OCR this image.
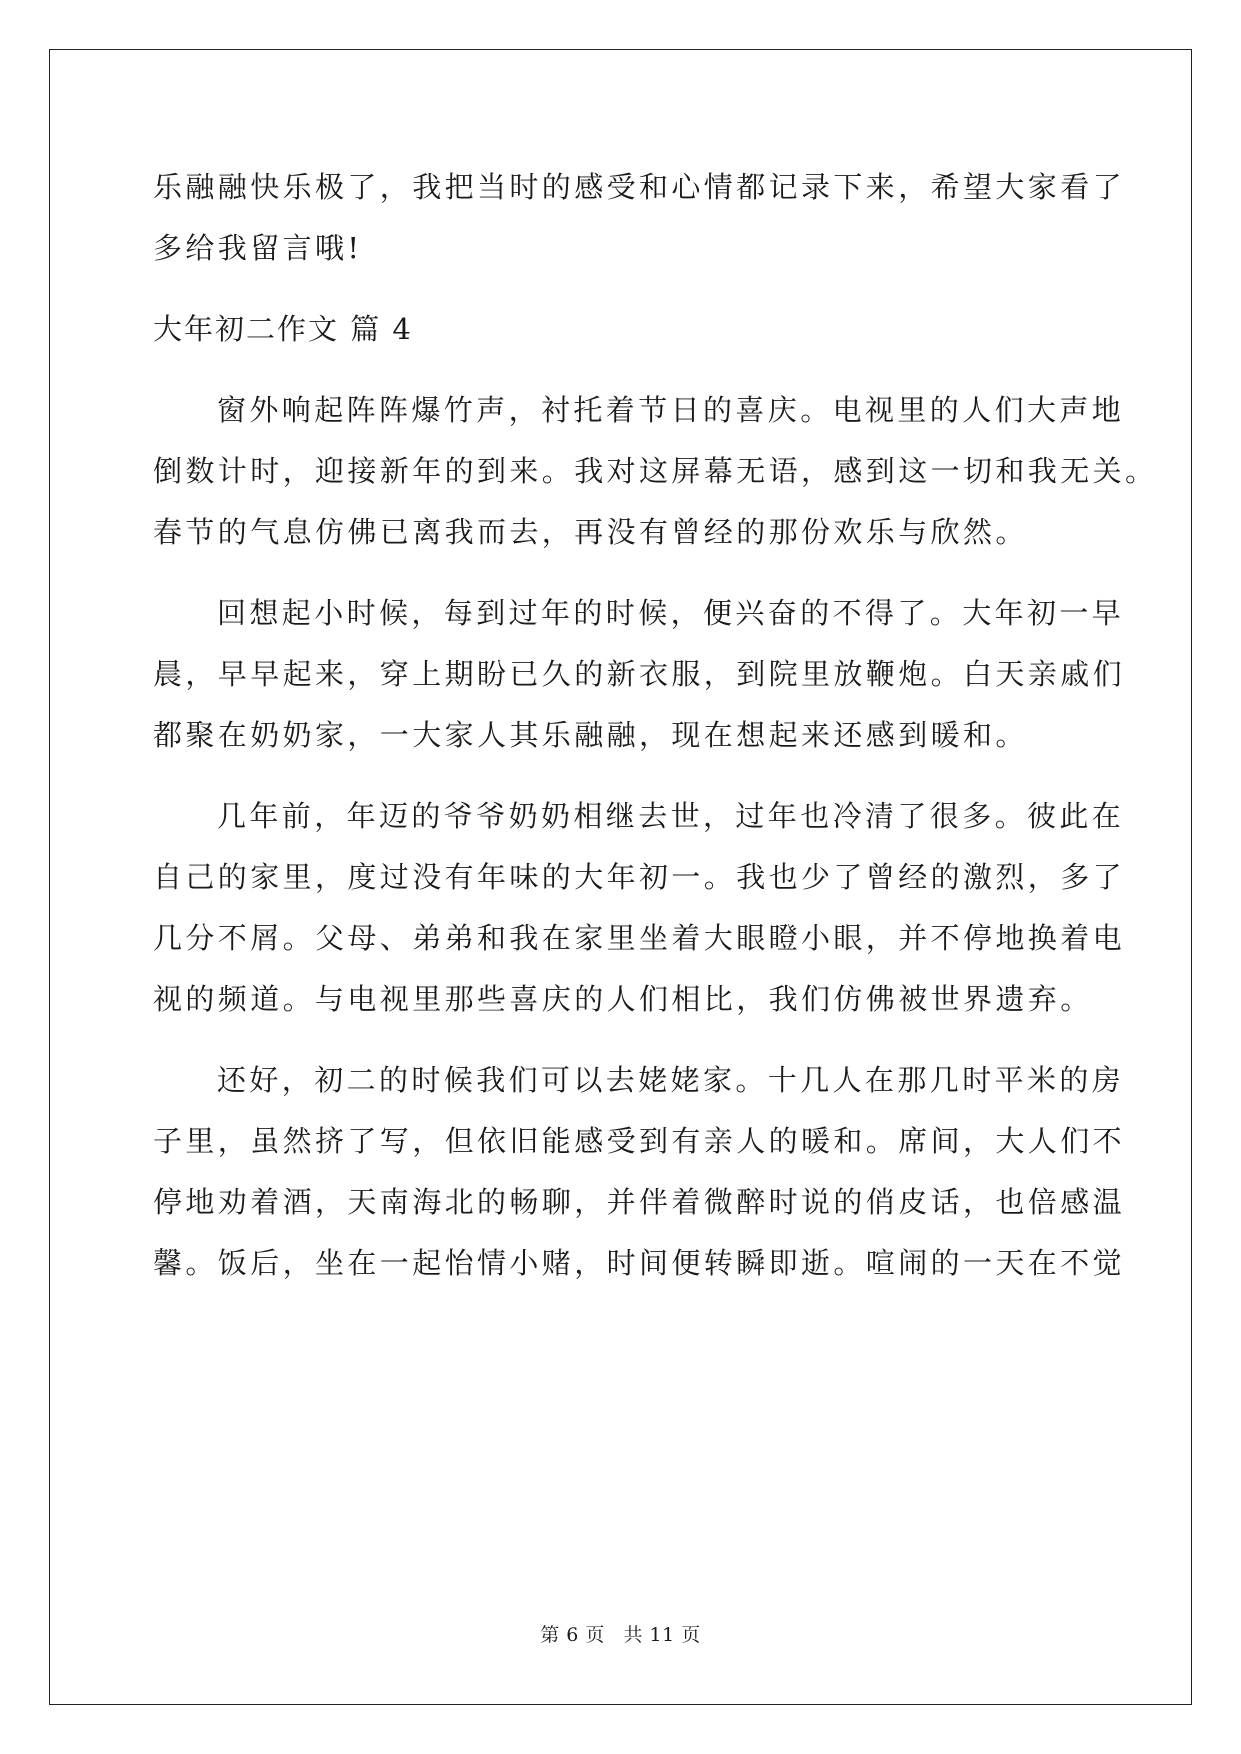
乐融融快乐极了，我把当时的感受和心情都记录下来，希望大家看了
多给我留言哦!
大年初二作文 篇 4
窗外响起阵阵爆竹声，衬托着节日的喜庆。电视里的人们大声地
倒数计时，迎接新年的到来。我对这屏幕无语，感到这一切和我无关。
春节的气息仿佛已离我而去，再没有曾经的那份欢乐与欣然。
回想起小时候，每到过年的时候，便兴奋的不得了。大年初一早
晨，早早起来，穿上期盼已久的新衣服，到院里放鞭炮。白天亲戚们
都聚在奶奶家，一大家人其乐融融，现在想起来还感到暖和。
几年前，年迈的爷爷奶奶相继去世，过年也冷清了很多。彼此在
自己的家里，度过没有年味的大年初一。我也少了曾经的激烈，多了
几分不屑。父母、弟弟和我在家里坐着大眼瞪小眼，并不停地换着电
视的频道。与电视里那些喜庆的人们相比，我们仿佛被世界遗弃。
还好，初二的时候我们可以去姥姥家。十几人在那几时平米的房
子里，虽然挤了写，但依旧能感受到有亲人的暖和。席间，大人们不
停地劝着酒，天南海北的畅聊，并伴着微醉时说的俏皮话，也倍感温
馨。饭后，坐在一起怡情小赌，时间便转瞬即逝。喧闹的一天在不觉
第 6 页 共 11 页
